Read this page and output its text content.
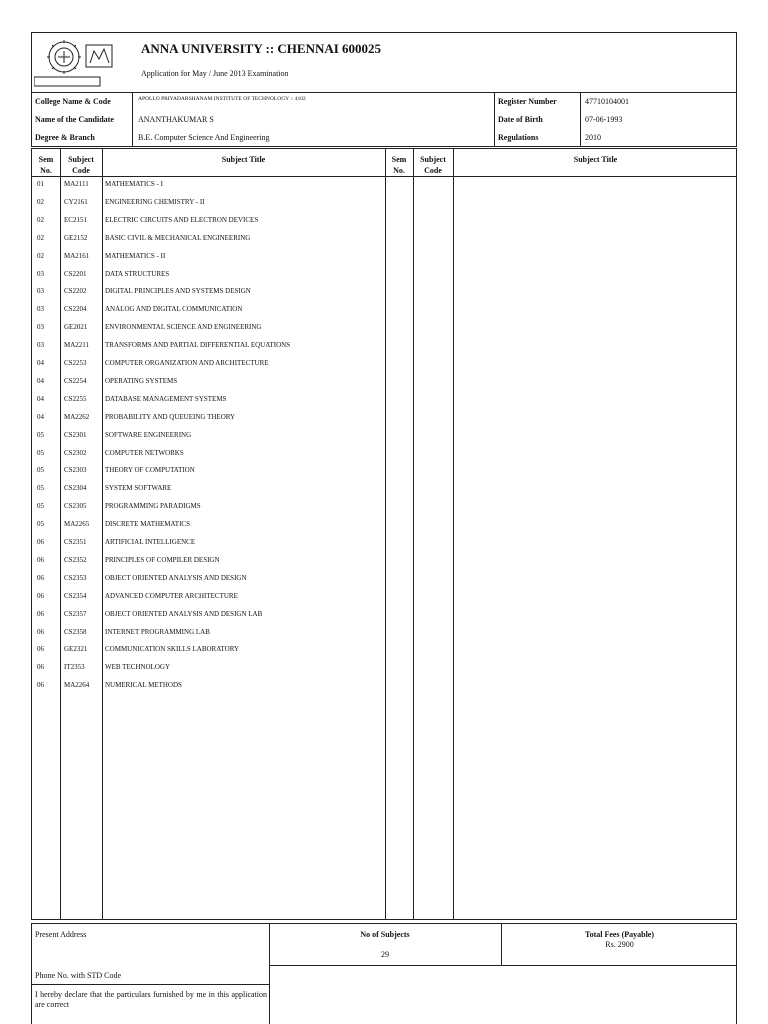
ANNA UNIVERSITY :: CHENNAI 600025
Application for May / June 2013 Examination
College Name & Code	APOLLO PRIYADARSHANAM INSTITUTE OF TECHNOLOGY :: 4102
Name of the Candidate	ANANTHAKUMAR S
Degree & Branch	B.E. Computer Science And Engineering
Register Number	47710104001
Date of Birth	07-06-1993
Regulations	2010
Sem
No.
Subject
Code
Subject Title	Sem
No.
Subject
Code
Subject Title
01	MA2111 MATHEMATICS - I
02	CY2161 ENGINEERING CHEMISTRY - II
02	EC2151	ELECTRIC CIRCUITS AND ELECTRON DEVICES
02	GE2152	BASIC CIVIL & MECHANICAL ENGINEERING
02	MA2161 MATHEMATICS - II
03	CS2201	DATA STRUCTURES
03	CS2202	DIGITAL PRINCIPLES AND SYSTEMS DESIGN
03	CS2204	ANALOG AND DIGITAL COMMUNICATION
03	GE2021	ENVIRONMENTAL SCIENCE AND ENGINEERING
03	MA2211 TRANSFORMS AND PARTIAL DIFFERENTIAL EQUATIONS
04	CS2253	COMPUTER ORGANIZATION AND ARCHITECTURE
04	CS2254	OPERATING SYSTEMS
04	CS2255	DATABASE MANAGEMENT SYSTEMS
04	MA2262 PROBABILITY AND QUEUEING THEORY
05	CS2301	SOFTWARE ENGINEERING
05	CS2302	COMPUTER NETWORKS
05	CS2303	THEORY OF COMPUTATION
05	CS2304	SYSTEM SOFTWARE
05	CS2305	PROGRAMMING PARADIGMS
05	MA2265 DISCRETE MATHEMATICS
06	CS2351	ARTIFICIAL INTELLIGENCE
06	CS2352	PRINCIPLES OF COMPILER DESIGN
06	CS2353	OBJECT ORIENTED ANALYSIS AND DESIGN
06	CS2354	ADVANCED COMPUTER ARCHITECTURE
06	CS2357	OBJECT ORIENTED ANALYSIS AND DESIGN LAB
06	CS2358	INTERNET PROGRAMMING LAB
06	GE2321	COMMUNICATION SKILLS LABORATORY
06	IT2353	WEB TECHNOLOGY
06	MA2264 NUMERICAL METHODS
Present Address
Phone No. with STD Code
I hereby declare that the particulars furnished by me in this application are correct
No of Subjects
29
Total Fees (Payable)
Rs. 2900
